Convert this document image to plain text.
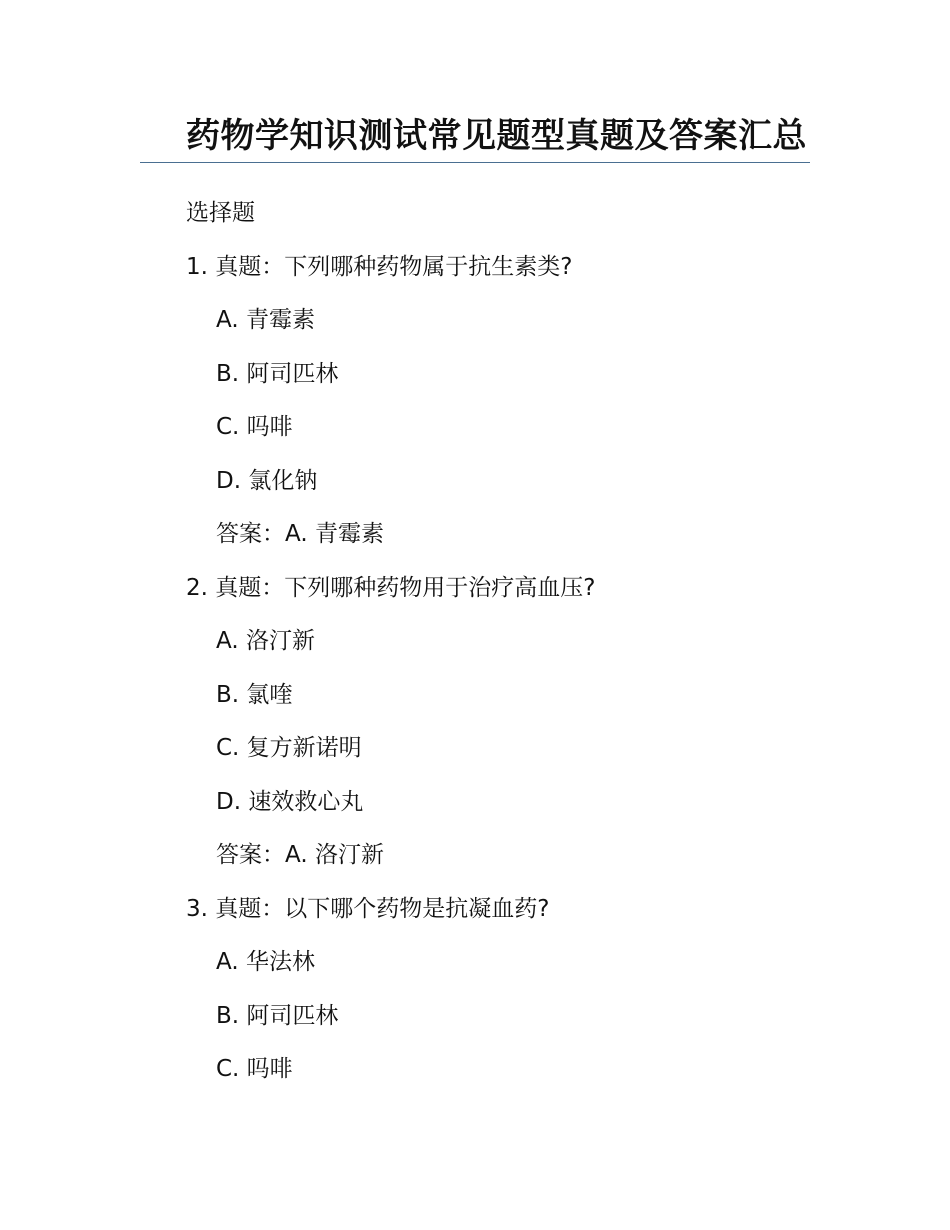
药物学知识测试常见题型真题及答案汇总
选择题
1. 真题：下列哪种药物属于抗生素类?
A. 青霉素
B. 阿司匹林
C. 吗啡
D. 氯化钠
答案：A. 青霉素
2. 真题：下列哪种药物用于治疗高血压?
A. 洛汀新
B. 氯喹
C. 复方新诺明
D. 速效救心丸
答案：A. 洛汀新
3. 真题：以下哪个药物是抗凝血药?
A. 华法林
B. 阿司匹林
C. 吗啡
